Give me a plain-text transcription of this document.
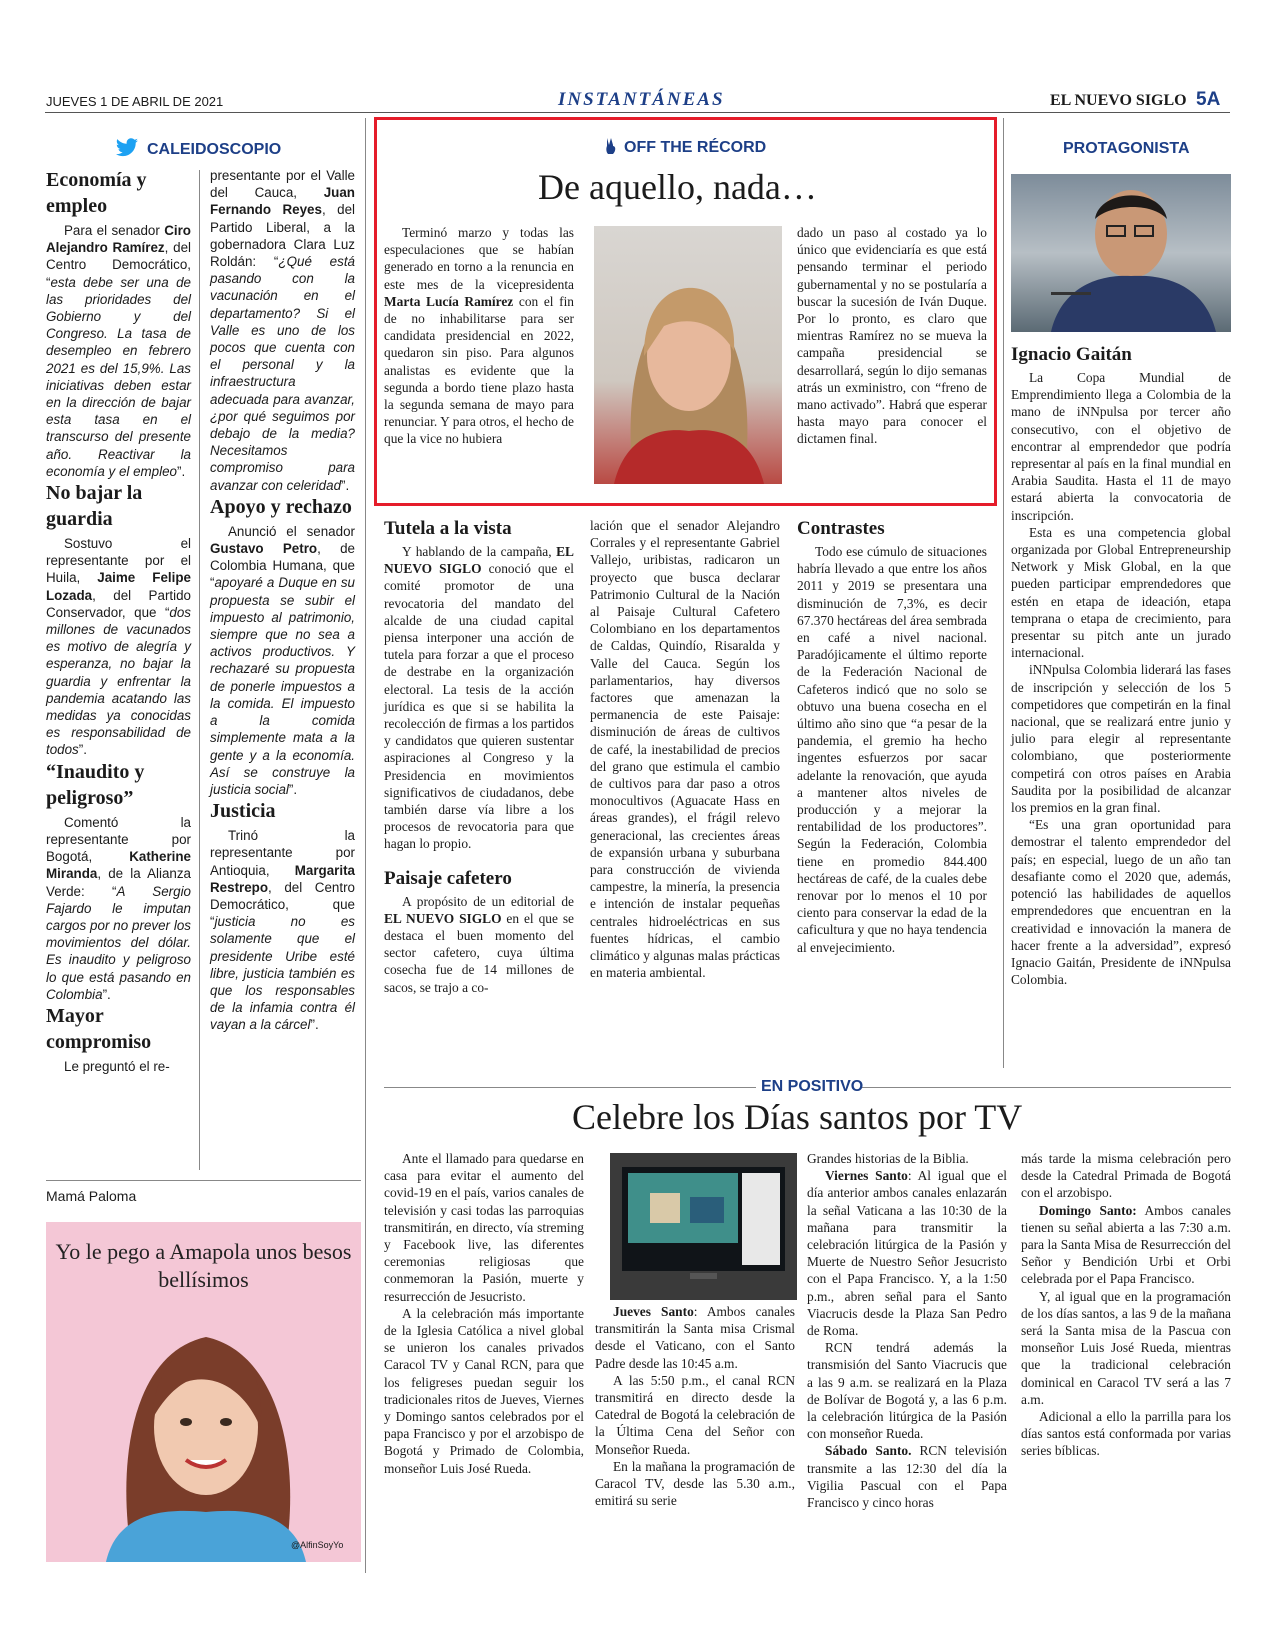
JUEVES 1 DE ABRIL DE 2021	INSTANTÁNEAS	EL NUEVO SIGLO 5A
CALEIDOSCOPIO
Economía y empleo

Para el senador Ciro Alejandro Ramírez, del Centro Democrático, “esta debe ser una de las prioridades del Gobierno y del Congreso. La tasa de desempleo en febrero 2021 es del 15,9%. Las iniciativas deben estar en la dirección de bajar esta tasa en el transcurso del presente año. Reactivar la economía y el empleo”.

No bajar la guardia

Sostuvo el representante por el Huila, Jaime Felipe Lozada, del Partido Conservador, que “dos millones de vacunados es motivo de alegría y esperanza, no bajar la guardia y enfrentar la pandemia acatando las medidas ya conocidas es responsabilidad de todos”.

“Inaudito y peligroso”

Comentó la representante por Bogotá, Katherine Miranda, de la Alianza Verde: “A Sergio Fajardo le imputan cargos por no prever los movimientos del dólar. Es inaudito y peligroso lo que está pasando en Colombia”.

Mayor compromiso

Le preguntó el re-

presentante por el Valle del Cauca, Juan Fernando Reyes, del Partido Liberal, a la gobernadora Clara Luz Roldán: “¿Qué está pasando con la vacunación en el departamento? Si el Valle es uno de los pocos que cuenta con el personal y la infraestructura adecuada para avanzar, ¿por qué seguimos por debajo de la media? Necesitamos compromiso para avanzar con celeridad”.

Apoyo y rechazo

Anunció el senador Gustavo Petro, de Colombia Humana, que “apoyaré a Duque en su propuesta se subir el impuesto al patrimonio, siempre que no sea a activos productivos. Y rechazaré su propuesta de ponerle impuestos a la comida. El impuesto a la comida simplemente mata a la gente y a la economía. Así se construye la justicia social”.

Justicia

Trinó la representante por Antioquia, Margarita Restrepo, del Centro Democrático, que “justicia no es solamente que el presidente Uribe esté libre, justicia también es que los responsables de la infamia contra él vayan a la cárcel”.

Mamá Paloma
Yo le pego a Amapola unos besos bellísimos
@AlfinSoyYo
OFF THE RÉCORD
De aquello, nada…

Terminó marzo y todas las especulaciones que se habían generado en torno a la renuncia en este mes de la vicepresidenta Marta Lucía Ramírez con el fin de no inhabilitarse para ser candidata presidencial en 2022, quedaron sin piso. Para algunos analistas es evidente que la segunda a bordo tiene plazo hasta la segunda semana de mayo para renunciar. Y para otros, el hecho de que la vice no hubiera

dado un paso al costado ya lo único que evidenciaría es que está pensando terminar el periodo gubernamental y no se postularía a buscar la sucesión de Iván Duque. Por lo pronto, es claro que mientras Ramírez no se mueva la campaña presidencial se desarrollará, según lo dijo semanas atrás un exministro, con “freno de mano activado”. Habrá que esperar hasta mayo para conocer el dictamen final.

Tutela a la vista

Y hablando de la campaña, EL NUEVO SIGLO conoció que el comité promotor de una revocatoria del mandato del alcalde de una ciudad capital piensa interponer una acción de tutela para forzar a que el proceso de destrabe en la organización electoral. La tesis de la acción jurídica es que si se habilita la recolección de firmas a los partidos y candidatos que quieren sustentar aspiraciones al Congreso y la Presidencia en movimientos significativos de ciudadanos, debe también darse vía libre a los procesos de revocatoria para que hagan lo propio.

Paisaje cafetero

A propósito de un editorial de EL NUEVO SIGLO en el que se destaca el buen momento del sector cafetero, cuya última cosecha fue de 14 millones de sacos, se trajo a co-

lación que el senador Alejandro Corrales y el representante Gabriel Vallejo, uribistas, radicaron un proyecto que busca declarar Patrimonio Cultural de la Nación al Paisaje Cultural Cafetero Colombiano en los departamentos de Caldas, Quindío, Risaralda y Valle del Cauca. Según los parlamentarios, hay diversos factores que amenazan la permanencia de este Paisaje: disminución de áreas de cultivos de café, la inestabilidad de precios del grano que estimula el cambio de cultivos para dar paso a otros monocultivos (Aguacate Hass en áreas grandes), el frágil relevo generacional, las crecientes áreas de expansión urbana y suburbana para construcción de vivienda campestre, la minería, la presencia e intención de instalar pequeñas centrales hidroeléctricas en sus fuentes hídricas, el cambio climático y algunas malas prácticas en materia ambiental.

Contrastes

Todo ese cúmulo de situaciones habría llevado a que entre los años 2011 y 2019 se presentara una disminución de 7,3%, es decir 67.370 hectáreas del área sembrada en café a nivel nacional. Paradójicamente el último reporte de la Federación Nacional de Cafeteros indicó que no solo se obtuvo una buena cosecha en el último año sino que “a pesar de la pandemia, el gremio ha hecho ingentes esfuerzos por sacar adelante la renovación, que ayuda a mantener altos niveles de producción y a mejorar la rentabilidad de los productores”. Según la Federación, Colombia tiene en promedio 844.400 hectáreas de café, de la cuales debe renovar por lo menos el 10 por ciento para conservar la edad de la caficultura y que no haya tendencia al envejecimiento.

PROTAGONISTA
Ignacio Gaitán

La Copa Mundial de Emprendimiento llega a Colombia de la mano de iNNpulsa por tercer año consecutivo, con el objetivo de encontrar al emprendedor que podría representar al país en la final mundial en Arabia Saudita. Hasta el 11 de mayo estará abierta la convocatoria de inscripción.

Esta es una competencia global organizada por Global Entrepreneurship Network y Misk Global, en la que pueden participar emprendedores que estén en etapa de ideación, etapa temprana o etapa de crecimiento, para presentar su pitch ante un jurado internacional.

iNNpulsa Colombia liderará las fases de inscripción y selección de los 5 competidores que competirán en la final nacional, que se realizará entre junio y julio para elegir al representante colombiano, que posteriormente competirá con otros países en Arabia Saudita por la posibilidad de alcanzar los premios en la gran final.

“Es una gran oportunidad para demostrar el talento emprendedor del país; en especial, luego de un año tan desafiante como el 2020 que, además, potenció las habilidades de aquellos emprendedores que encuentran en la creatividad e innovación la manera de hacer frente a la adversidad”, expresó Ignacio Gaitán, Presidente de iNNpulsa Colombia.

EN POSITIVO
Celebre los Días santos por TV

Ante el llamado para quedarse en casa para evitar el aumento del covid-19 en el país, varios canales de televisión y casi todas las parroquias transmitirán, en directo, vía streming y Facebook live, las diferentes ceremonias religiosas que conmemoran la Pasión, muerte y resurrección de Jesucristo.

A la celebración más importante de la Iglesia Católica a nivel global se unieron los canales privados Caracol TV y Canal RCN, para que los feligreses puedan seguir los tradicionales ritos de Jueves, Viernes y Domingo santos celebrados por el papa Francisco y por el arzobispo de Bogotá y Primado de Colombia, monseñor Luis José Rueda.

Jueves Santo: Ambos canales transmitirán la Santa misa Crismal desde el Vaticano, con el Santo Padre desde las 10:45 a.m.

A las 5:50 p.m., el canal RCN transmitirá en directo desde la Catedral de Bogotá la celebración de la Última Cena del Señor con Monseñor Rueda.

En la mañana la programación de Caracol TV, desde las 5.30 a.m., emitirá su serie

Grandes historias de la Biblia.

Viernes Santo: Al igual que el día anterior ambos canales enlazarán la señal Vaticana a las 10:30 de la mañana para transmitir la celebración litúrgica de la Pasión y Muerte de Nuestro Señor Jesucristo con el Papa Francisco. Y, a la 1:50 p.m., abren señal para el Santo Viacrucis desde la Plaza San Pedro de Roma.

RCN tendrá además la transmisión del Santo Viacrucis que a las 9 a.m. se realizará en la Plaza de Bolívar de Bogotá y, a las 6 p.m. la celebración litúrgica de la Pasión con monseñor Rueda.

Sábado Santo. RCN televisión transmite a las 12:30 del día la Vigilia Pascual con el Papa Francisco y cinco horas

más tarde la misma celebración pero desde la Catedral Primada de Bogotá con el arzobispo.

Domingo Santo: Ambos canales tienen su señal abierta a las 7:30 a.m. para la Santa Misa de Resurrección del Señor y Bendición Urbi et Orbi celebrada por el Papa Francisco.

Y, al igual que en la programación de los días santos, a las 9 de la mañana será la Santa misa de la Pascua con monseñor Luis José Rueda, mientras que la tradicional celebración dominical en Caracol TV será a las 7 a.m.

Adicional a ello la parrilla para los días santos está conformada por varias series bíblicas.
